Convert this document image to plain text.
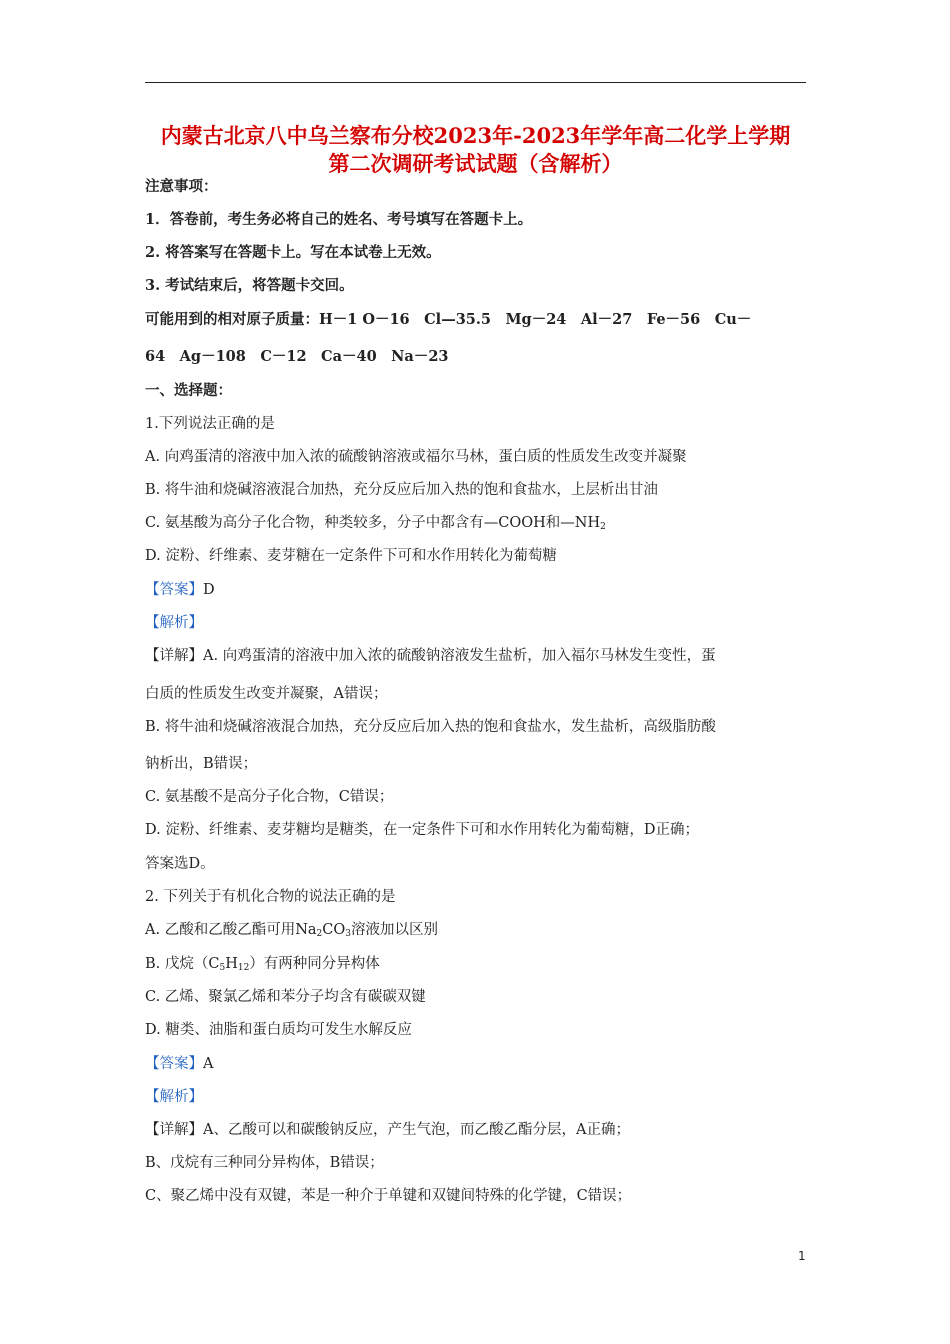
内蒙古北京八中乌兰察布分校2023年-2023年学年高二化学上学期
第二次调研考试试题（含解析）
注意事项：
1．答卷前，考生务必将自己的姓名、考号填写在答题卡上。
2. 将答案写在答题卡上。写在本试卷上无效。
3. 考试结束后，将答题卡交回。
可能用到的相对原子质量：H－1 O－16　Cl—35.5　Mg－24　Al－27　Fe－56　Cu－
64　Ag－108　C－12　Ca－40　Na－23
一、选择题：
1.下列说法正确的是
A. 向鸡蛋清的溶液中加入浓的硫酸钠溶液或福尔马林，蛋白质的性质发生改变并凝聚
B. 将牛油和烧碱溶液混合加热，充分反应后加入热的饱和食盐水，上层析出甘油
C. 氨基酸为高分子化合物，种类较多，分子中都含有—COOH和$—NH_2$
D. 淀粉、纤维素、麦芽糖在一定条件下可和水作用转化为葡萄糖
【答案】D
【解析】
【详解】A. 向鸡蛋清的溶液中加入浓的硫酸钠溶液发生盐析，加入福尔马林发生变性，蛋
白质的性质发生改变并凝聚，A错误；
B. 将牛油和烧碱溶液混合加热，充分反应后加入热的饱和食盐水，发生盐析，高级脂肪酸
钠析出，B错误；
C. 氨基酸不是高分子化合物，C错误；
D. 淀粉、纤维素、麦芽糖均是糖类，在一定条件下可和水作用转化为葡萄糖，D正确；
答案选D。
2. 下列关于有机化合物的说法正确的是
A. 乙酸和乙酸乙酯可用$Na_2CO_3$溶液加以区别
B. 戊烷$(C_5H_{12})$有两种同分异构体
C. 乙烯、聚氯乙烯和苯分子均含有碳碳双键
D. 糖类、油脂和蛋白质均可发生水解反应
【答案】A
【解析】
【详解】A、乙酸可以和碳酸钠反应，产生气泡，而乙酸乙酯分层，A正确；
B、戊烷有三种同分异构体，B错误；
C、聚乙烯中没有双键，苯是一种介于单键和双键间特殊的化学键，C错误；
1
